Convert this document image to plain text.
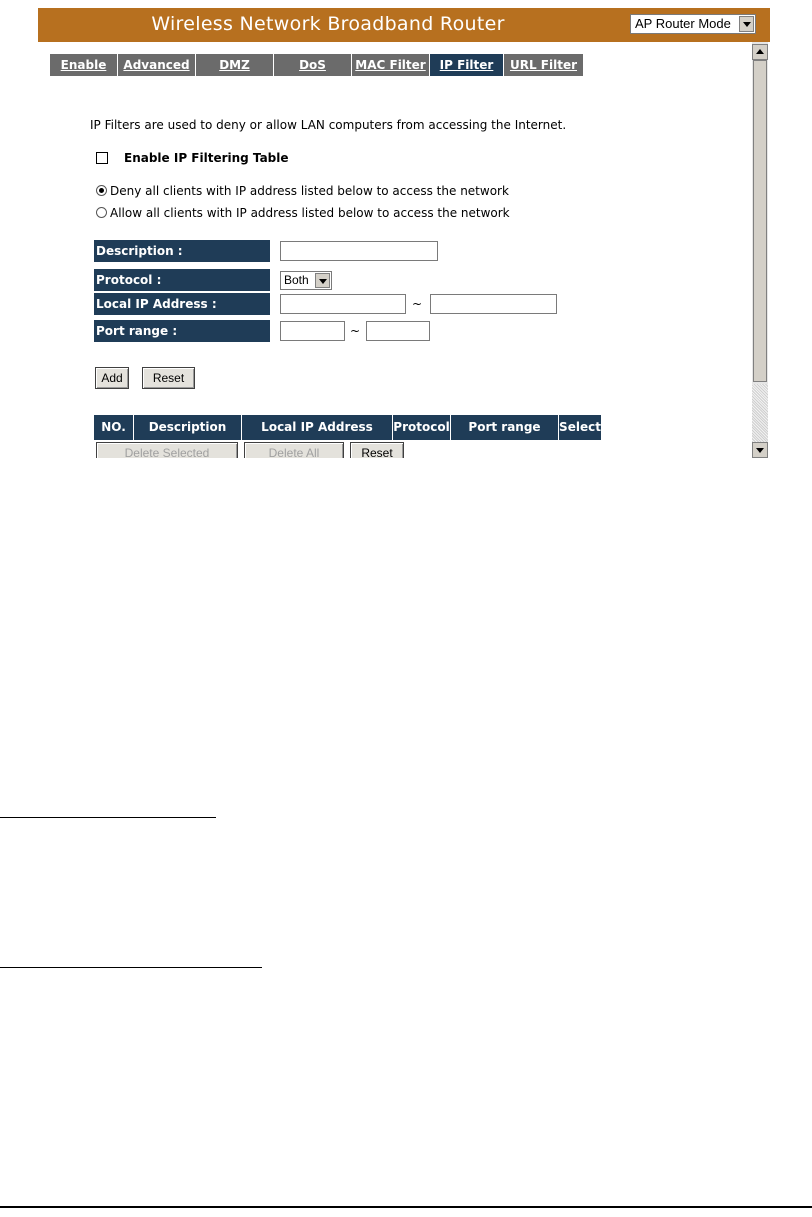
Wireless Network Broadband Router	AP Router Mode
Enable	Advanced	DMZ	DoS	MAC Filter	IP Filter	URL Filter
IP Filters are used to deny or allow LAN computers from accessing the Internet.
Enable IP Filtering Table
Deny all clients with IP address listed below to access the network
Allow all clients with IP address listed below to access the network
Description :
Protocol :	Both
Local IP Address :	~
Port range :	~
Add	Reset
NO.	Description	Local IP Address	Protocol	Port range	Select
Delete Selected	Delete All	Reset
